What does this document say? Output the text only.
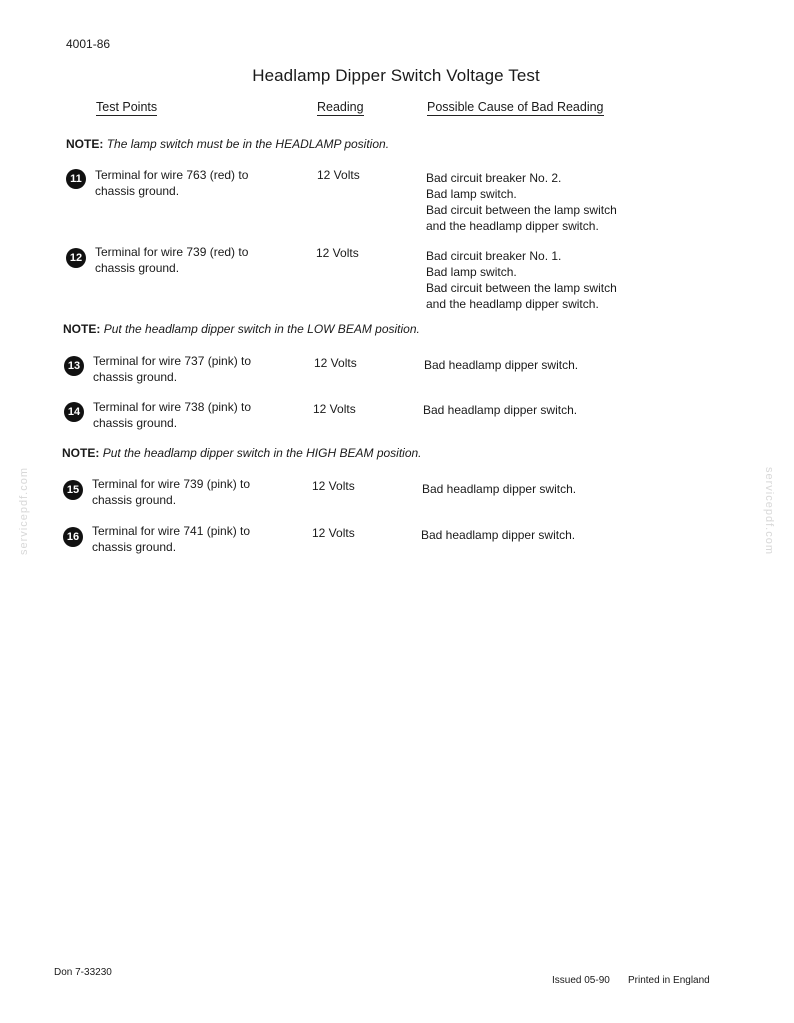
4001-86
Headlamp Dipper Switch Voltage Test
Test Points	Reading	Possible Cause of Bad Reading
NOTE: The lamp switch must be in the HEADLAMP position.
11	Terminal for wire 763 (red) to
chassis ground.
12 Volts	Bad circuit breaker No. 2.
Bad lamp switch.
Bad circuit between the lamp switch
and the headlamp dipper switch.
12	Terminal for wire 739 (red) to
chassis ground.
12 Volts	Bad circuit breaker No. 1.
Bad lamp switch.
Bad circuit between the lamp switch
and the headlamp dipper switch.
NOTE: Put the headlamp dipper switch in the LOW BEAM position.
13	Terminal for wire 737 (pink) to
chassis ground.
12 Volts	Bad headlamp dipper switch.
14	Terminal for wire 738 (pink) to
chassis ground.
12 Volts	Bad headlamp dipper switch.
NOTE: Put the headlamp dipper switch in the HIGH BEAM position.
15	Terminal for wire 739 (pink) to
chassis ground.
12 Volts	Bad headlamp dipper switch.
16	Terminal for wire 741 (pink) to
chassis ground.
12 Volts	Bad headlamp dipper switch.
servicepdf.com	servicepdf.com
Don 7-33230
Issued 05-90 Printed in England
